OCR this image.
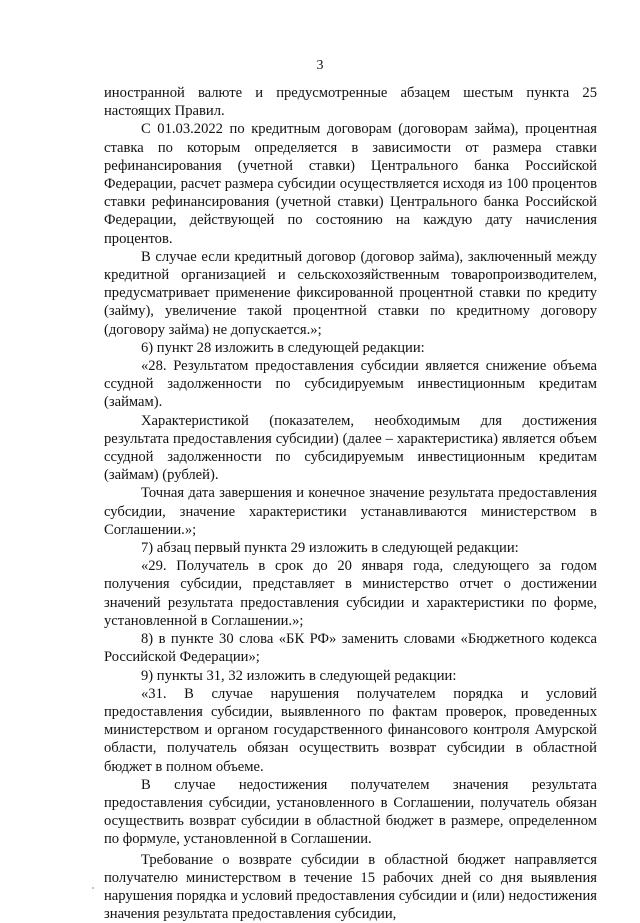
3

иностранной валюте и предусмотренные абзацем шестым пункта 25 настоящих Правил.

С 01.03.2022 по кредитным договорам (договорам займа), процентная ставка по которым определяется в зависимости от размера ставки рефинансирования (учетной ставки) Центрального банка Российской Федерации, расчет размера субсидии осуществляется исходя из 100 процентов ставки рефинансирования (учетной ставки) Центрального банка Российской Федерации, действующей по состоянию на каждую дату начисления процентов.

В случае если кредитный договор (договор займа), заключенный между кредитной организацией и сельскохозяйственным товаропроизводителем, предусматривает применение фиксированной процентной ставки по кредиту (займу), увеличение такой процентной ставки по кредитному договору (договору займа) не допускается.»;

6) пункт 28 изложить в следующей редакции:

«28. Результатом предоставления субсидии является снижение объема ссудной задолженности по субсидируемым инвестиционным кредитам (займам).

Характеристикой (показателем, необходимым для достижения результата предоставления субсидии) (далее – характеристика) является объем ссудной задолженности по субсидируемым инвестиционным кредитам (займам) (рублей).

Точная дата завершения и конечное значение результата предоставления субсидии, значение характеристики устанавливаются министерством в Соглашении.»;

7) абзац первый пункта 29 изложить в следующей редакции:

«29. Получатель в срок до 20 января года, следующего за годом получения субсидии, представляет в министерство отчет о достижении значений результата предоставления субсидии и характеристики по форме, установленной в Соглашении.»;

8) в пункте 30 слова «БК РФ» заменить словами «Бюджетного кодекса Российской Федерации»;

9) пункты 31, 32 изложить в следующей редакции:

«31. В случае нарушения получателем порядка и условий предоставления субсидии, выявленного по фактам проверок, проведенных министерством и органом государственного финансового контроля Амурской области, получатель обязан осуществить возврат субсидии в областной бюджет в полном объеме.

В случае недостижения получателем значения результата предоставления субсидии, установленного в Соглашении, получатель обязан осуществить возврат субсидии в областной бюджет в размере, определенном по формуле, установленной в Соглашении.

Требование о возврате субсидии в областной бюджет направляется получателю министерством в течение 15 рабочих дней со дня выявления нарушения порядка и условий предоставления субсидии и (или) недостижения значения результата предоставления субсидии,
